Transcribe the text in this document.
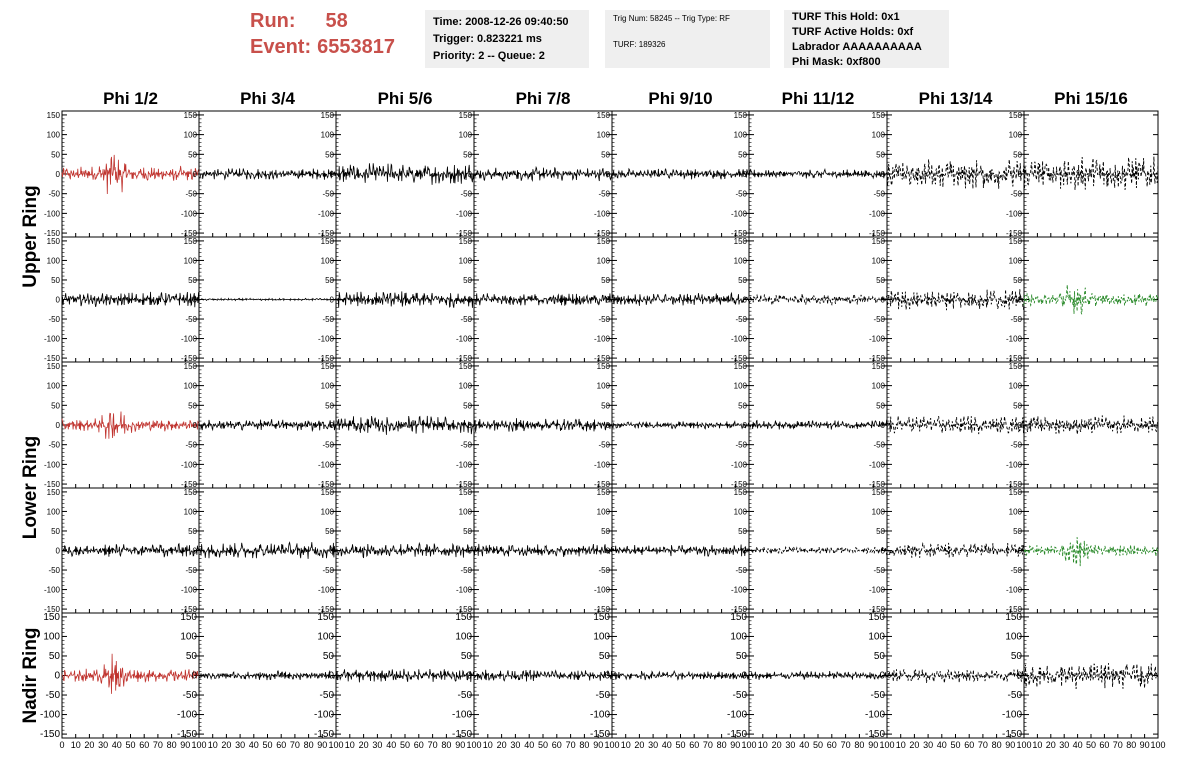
Run: 58
Event: 6553817
Time: 2008-12-26 09:40:50
Trigger: 0.823221 ms
Priority: 2 -- Queue: 2
Trig Num: 58245 -- Trig Type: RF
TURF: 189326
TURF This Hold: 0x1
TURF Active Holds: 0xf
Labrador AAAAAAAAAA
Phi Mask: 0xf800
Phi 1/2	Phi 3/4	Phi 5/6	Phi 7/8	Phi 9/10	Phi 11/12	Phi 13/14	Phi 15/16
Upper Ring
Lower Ring
Nadir Ring
-150
-100
-50
0
50
100
150
-150
-100
-50
0
50
100
150
-150
-100
-50
0
50
100
150
-150
-100
-50
0
50
100
150
-150
-100
-50
0
50
100
150
-150
-100
-50
0
50
100
150
-150
-100
-50
0
50
100
150
-150
-100
-50
0
50
100
150
-150
-100
-50
0
50
100
150
-150
-100
-50
0
50
100
150
-150
-100
-50
0
50
100
150
-150
-100
-50
0
50
100
150
-150
-100
-50
0
50
100
150
-150
-100
-50
0
50
100
150
-150
-100
-50
0
50
100
150
-150
-100
-50
0
50
100
150
-150
-100
-50
0
50
100
150
-150
-100
-50
0
50
100
150
-150
-100
-50
0
50
100
150
-150
-100
-50
0
50
100
150
-150
-100
-50
0
50
100
150
-150
-100
-50
0
50
100
150
-150
-100
-50
0
50
100
150
-150
-100
-50
0
50
100
150
-150
-100
-50
0
50
100
150
-150
-100
-50
0
50
100
150
-150
-100
-50
0
50
100
150
-150
-100
-50
0
50
100
150
-150
-100
-50
0
50
100
150
-150
-100
-50
0
50
100
150
-150
-100
-50
0
50
100
150
-150
-100
-50
0
50
100
150
-150
-100
-50
0
50
100
150
-150
-100
-50
0
50
100
150
-150
-100
-50
0
50
100
150
-150
-100
-50
0
50
100
150
-150
-100
-50
0
50
100
150
-150
-100
-50
0
50
100
150
-150
-100
-50
0
50
100
150
-150
-100
-50
0
50
100
150
0 10 20 30 40 50 60 70 80 90 100 10 20 30 40 50 60 70 80 90 100 10 20 30 40 50 60 70 80 90 100 10 20 30 40 50 60 70 80 90 100 10 20 30 40 50 60 70 80 90 100 10 20 30 40 50 60 70 80 90 100 10 20 30 40 50 60 70 80 90 100 10 20 30 40 50 60 70 80 90 100
